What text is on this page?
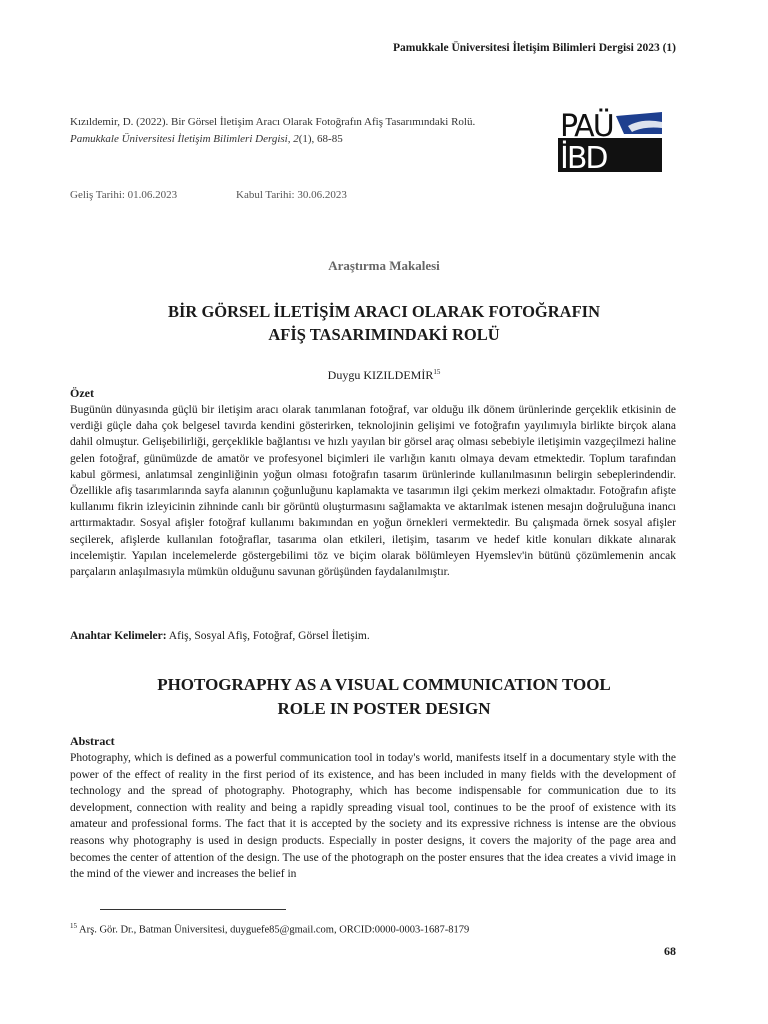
Pamukkale Üniversitesi İletişim Bilimleri Dergisi 2023 (1)
Kızıldemir, D. (2022). Bir Görsel İletişim Aracı Olarak Fotoğrafın Afiş Tasarımındaki Rolü.
Pamukkale Üniversitesi İletişim Bilimleri Dergisi, 2(1), 68-85	PAÜ
İBD
Geliş Tarihi: 01.06.2023	Kabul Tarihi: 30.06.2023
Araştırma Makalesi
BİR GÖRSEL İLETİŞİM ARACI OLARAK FOTOĞRAFIN
AFİŞ TASARIMINDAKİ ROLÜ
Duygu KIZILDEMİR$^{15}$
Özet
Bugünün dünyasında güçlü bir iletişim aracı olarak tanımlanan fotoğraf, var olduğu ilk dönem ürünlerinde gerçeklik etkisinin de verdiği güçle daha çok belgesel tavırda kendini gösterirken, teknolojinin gelişimi ve fotoğrafın yayılımıyla birlikte birçok alana dahil olmuştur. Gelişebilirliği, gerçeklikle bağlantısı ve hızlı yayılan bir görsel araç olması sebebiyle iletişimin vazgeçilmezi haline gelen fotoğraf, günümüzde de amatör ve profesyonel biçimleri ile varlığın kanıtı olmaya devam etmektedir. Toplum tarafından kabul görmesi, anlatımsal zenginliğinin yoğun olması fotoğrafın tasarım ürünlerinde kullanılmasının belirgin sebeplerindendir. Özellikle afiş tasarımlarında sayfa alanının çoğunluğunu kaplamakta ve tasarımın ilgi çekim merkezi olmaktadır. Fotoğrafın afişte kullanımı fikrin izleyicinin zihninde canlı bir görüntü oluşturmasını sağlamakta ve aktarılmak istenen mesajın doğruluğuna inancı arttırmaktadır. Sosyal afişler fotoğraf kullanımı bakımından en yoğun örnekleri vermektedir. Bu çalışmada örnek sosyal afişler seçilerek, afişlerde kullanılan fotoğraflar, tasarıma olan etkileri, iletişim, tasarım ve hedef kitle konuları dikkate alınarak incelemiştir. Yapılan incelemelerde göstergebilimi töz ve biçim olarak bölümleyen Hyemslev'in bütünü çözümlemenin ancak parçaların anlaşılmasıyla mümkün olduğunu savunan görüşünden faydalanılmıştır.
Anahtar Kelimeler: Afiş, Sosyal Afiş, Fotoğraf, Görsel İletişim.
PHOTOGRAPHY AS A VISUAL COMMUNICATION TOOL
ROLE IN POSTER DESIGN
Abstract
Photography, which is defined as a powerful communication tool in today's world, manifests itself in a documentary style with the power of the effect of reality in the first period of its existence, and has been included in many fields with the development of technology and the spread of photography. Photography, which has become indispensable for communication due to its development, connection with reality and being a rapidly spreading visual tool, continues to be the proof of existence with its amateur and professional forms. The fact that it is accepted by the society and its expressive richness is intense are the obvious reasons why photography is used in design products. Especially in poster designs, it covers the majority of the page area and becomes the center of attention of the design. The use of the photograph on the poster ensures that the idea creates a vivid image in the mind of the viewer and increases the belief in
$^{15}$ Arş. Gör. Dr., Batman Üniversitesi, duyguefe85@gmail.com, ORCID:0000-0003-1687-8179
68
